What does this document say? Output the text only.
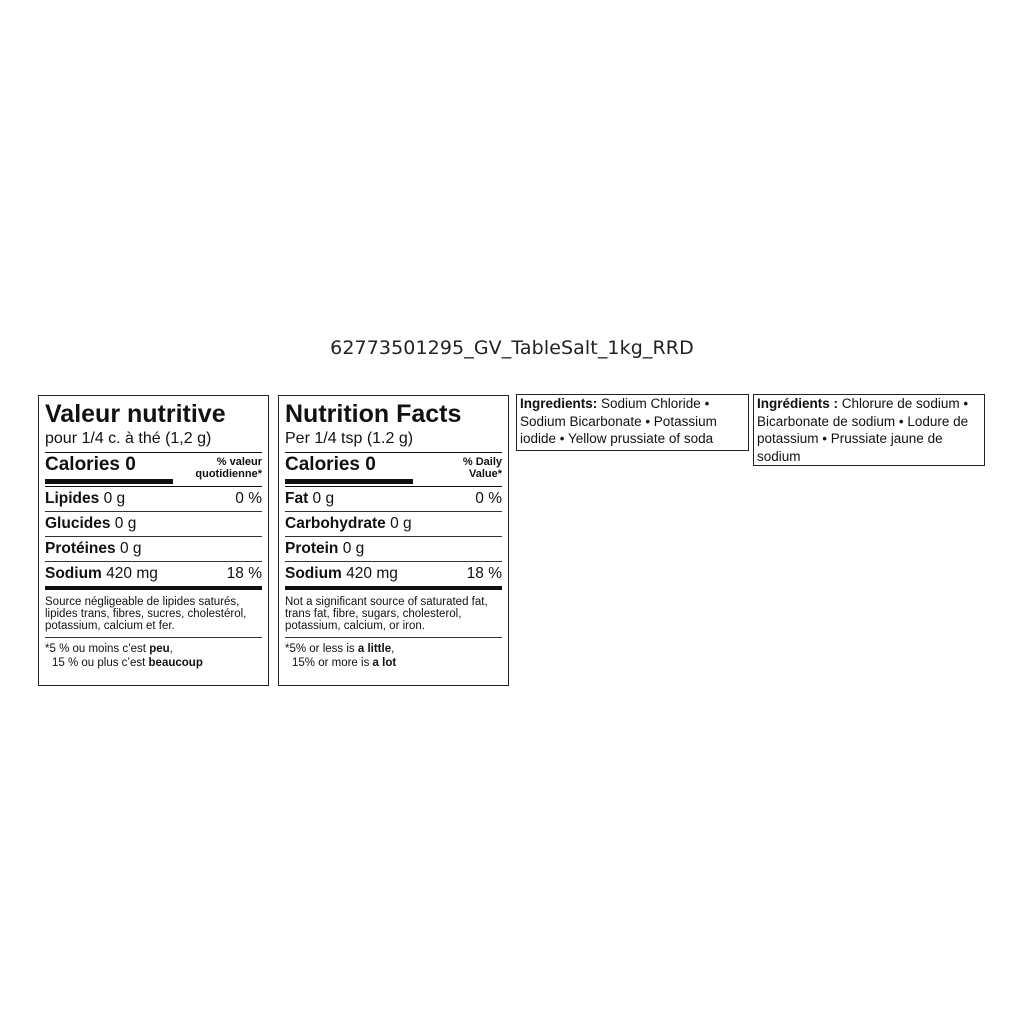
62773501295_GV_TableSalt_1kg_RRD
Valeur nutritive
pour 1/4 c. à thé (1,2 g)
Calories 0	% valeur
quotidienne*
Lipides 0 g	0 %
Glucides 0 g
Protéines 0 g
Sodium 420 mg	18 %
Source négligeable de lipides saturés, lipides trans, fibres, sucres, cholestérol, potassium, calcium et fer.
*5 % ou moins c’est peu,
15 % ou plus c’est beaucoup
Nutrition Facts
Per 1/4 tsp (1.2 g)
Calories 0	% Daily
Value*
Fat 0 g	0 %
Carbohydrate 0 g
Protein 0 g
Sodium 420 mg	18 %
Not a significant source of saturated fat, trans fat, fibre, sugars, cholesterol, potassium, calcium, or iron.
*5% or less is a little,
15% or more is a lot
Ingredients: Sodium Chloride • Sodium Bicarbonate • Potassium iodide • Yellow prussiate of soda
Ingrédients : Chlorure de sodium • Bicarbonate de sodium • Lodure de potassium • Prussiate jaune de sodium
